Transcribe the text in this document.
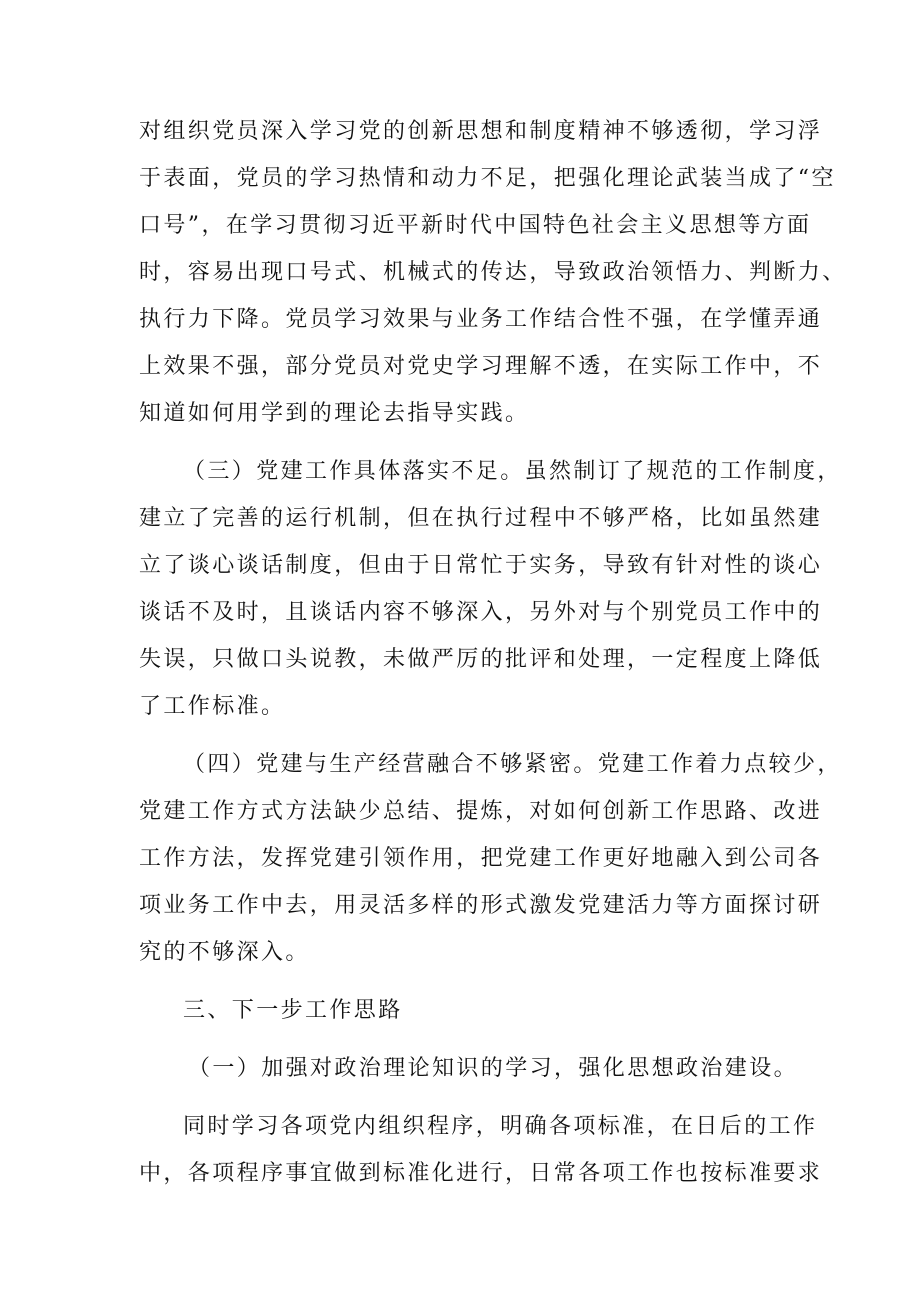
对组织党员深入学习党的创新思想和制度精神不够透彻，学习浮
于表面，党员的学习热情和动力不足，把强化理论武装当成了“空
口号”，在学习贯彻习近平新时代中国特色社会主义思想等方面
时，容易出现口号式、机械式的传达，导致政治领悟力、判断力、
执行力下降。党员学习效果与业务工作结合性不强，在学懂弄通
上效果不强，部分党员对党史学习理解不透，在实际工作中，不
知道如何用学到的理论去指导实践。
（三）党建工作具体落实不足。虽然制订了规范的工作制度，
建立了完善的运行机制，但在执行过程中不够严格，比如虽然建
立了谈心谈话制度，但由于日常忙于实务，导致有针对性的谈心
谈话不及时，且谈话内容不够深入，另外对与个别党员工作中的
失误，只做口头说教，未做严厉的批评和处理，一定程度上降低
了工作标准。
（四）党建与生产经营融合不够紧密。党建工作着力点较少，
党建工作方式方法缺少总结、提炼，对如何创新工作思路、改进
工作方法，发挥党建引领作用，把党建工作更好地融入到公司各
项业务工作中去，用灵活多样的形式激发党建活力等方面探讨研
究的不够深入。
三、下一步工作思路
（一）加强对政治理论知识的学习，强化思想政治建设。
同时学习各项党内组织程序，明确各项标准，在日后的工作
中，各项程序事宜做到标准化进行，日常各项工作也按标准要求
